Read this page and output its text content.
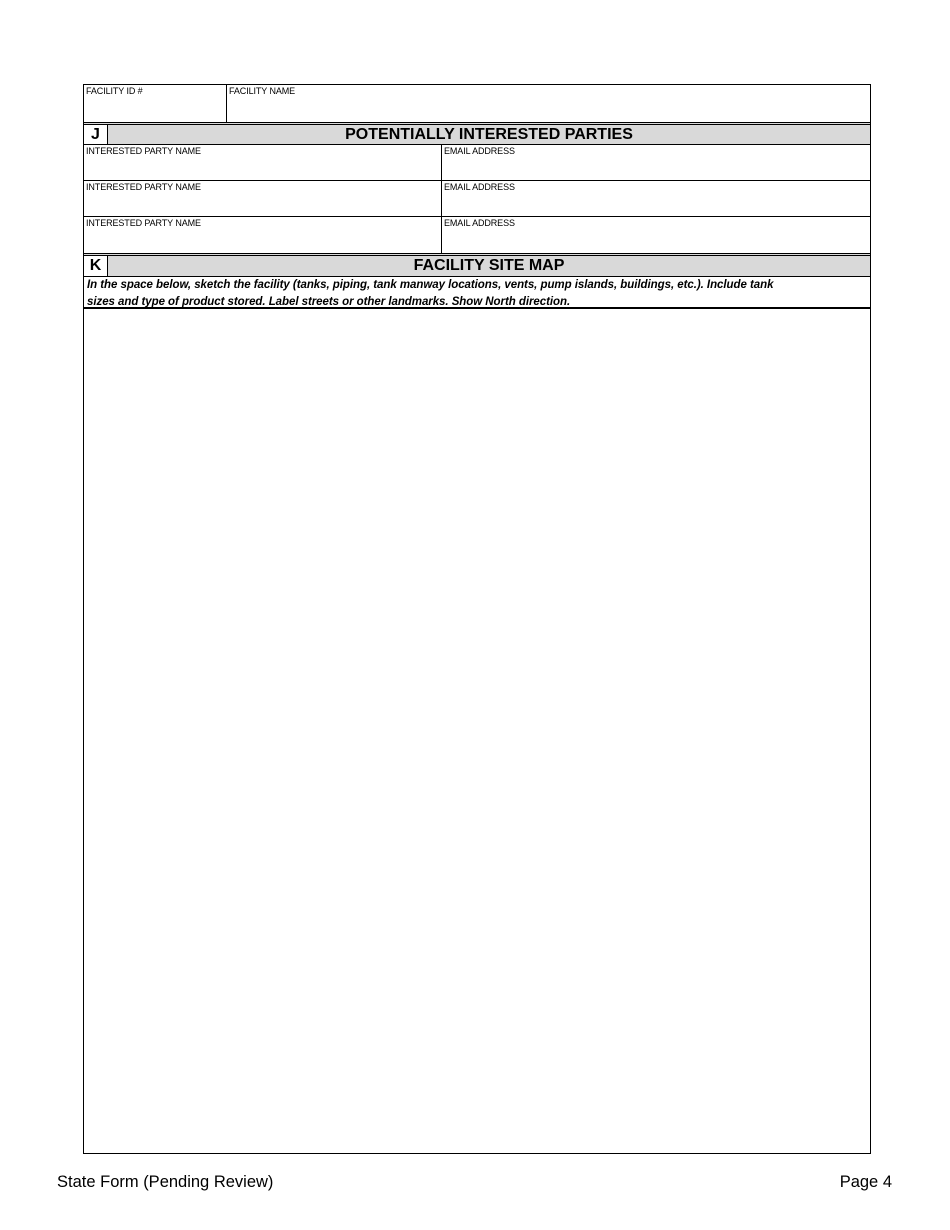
FACILITY ID #	FACILITY NAME
J	POTENTIALLY INTERESTED PARTIES
INTERESTED PARTY NAME	EMAIL ADDRESS
INTERESTED PARTY NAME	EMAIL ADDRESS
INTERESTED PARTY NAME	EMAIL ADDRESS
K	FACILITY SITE MAP
In the space below, sketch the facility (tanks, piping, tank manway locations, vents, pump islands, buildings, etc.). Include tank
sizes and type of product stored. Label streets or other landmarks. Show North direction.
State Form (Pending Review)	Page 4
